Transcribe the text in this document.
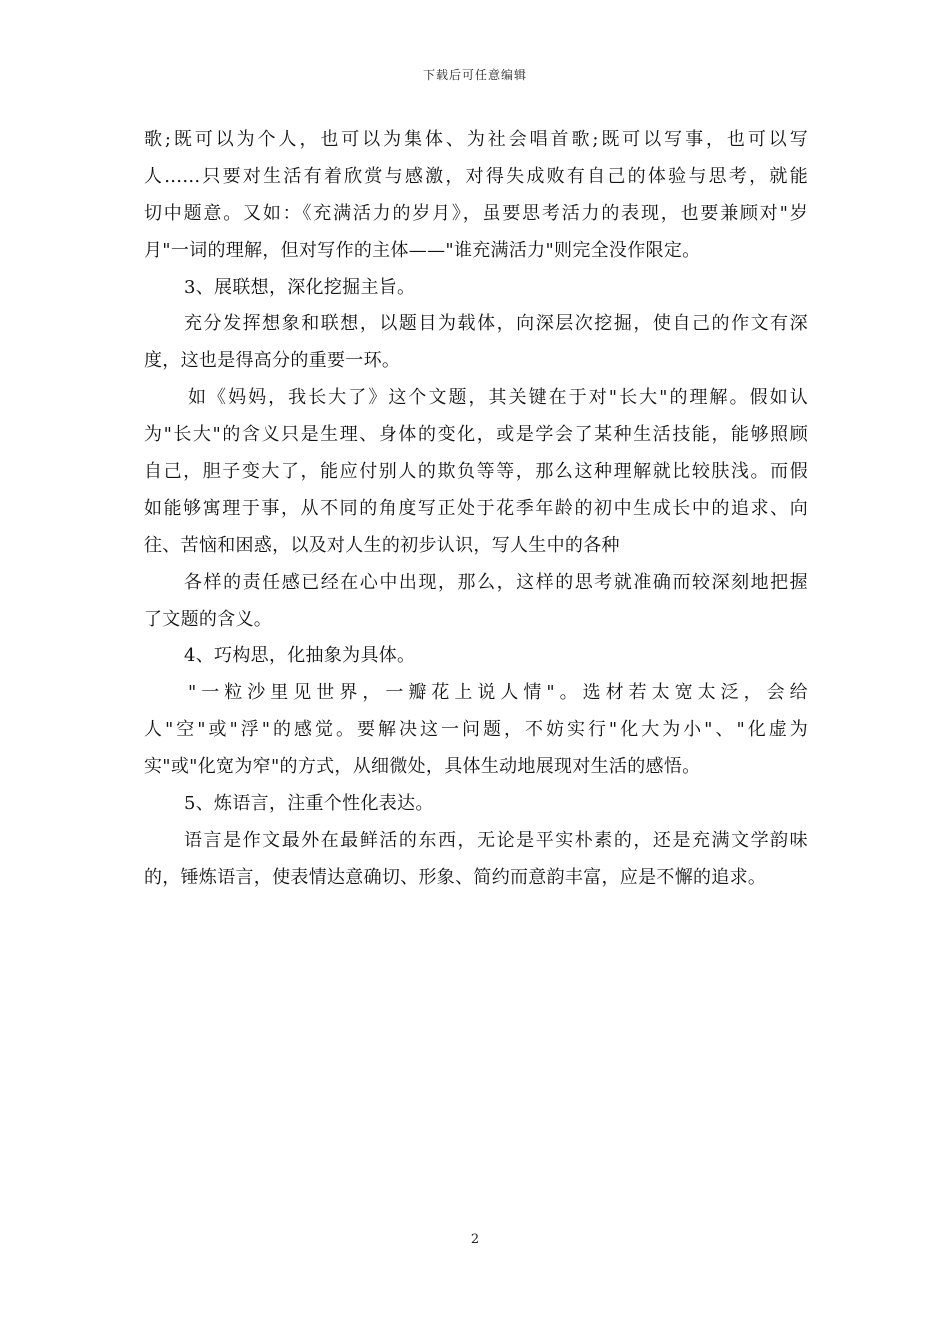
下载后可任意编辑
歌;既可以为个人，也可以为集体、为社会唱首歌;既可以写事，也可以写
人......只要对生活有着欣赏与感激，对得失成败有自己的体验与思考，就能
切中题意。又如：《充满活力的岁月》，虽要思考活力的表现，也要兼顾对"岁
月"一词的理解，但对写作的主体——"谁充满活力"则完全没作限定。
3、展联想，深化挖掘主旨。
充分发挥想象和联想，以题目为载体，向深层次挖掘，使自己的作文有深
度，这也是得高分的重要一环。
如《妈妈，我长大了》这个文题，其关键在于对"长大"的理解。假如认
为"长大"的含义只是生理、身体的变化，或是学会了某种生活技能，能够照顾
自己，胆子变大了，能应付别人的欺负等等，那么这种理解就比较肤浅。而假
如能够寓理于事，从不同的角度写正处于花季年龄的初中生成长中的追求、向
往、苦恼和困惑，以及对人生的初步认识，写人生中的各种
各样的责任感已经在心中出现，那么，这样的思考就准确而较深刻地把握
了文题的含义。
4、巧构思，化抽象为具体。
"一粒沙里见世界，一瓣花上说人情"。选材若太宽太泛，会给
人"空"或"浮"的感觉。要解决这一问题，不妨实行"化大为小"、"化虚为
实"或"化宽为窄"的方式，从细微处，具体生动地展现对生活的感悟。
5、炼语言，注重个性化表达。
语言是作文最外在最鲜活的东西，无论是平实朴素的，还是充满文学韵味
的，锤炼语言，使表情达意确切、形象、简约而意韵丰富，应是不懈的追求。
2
